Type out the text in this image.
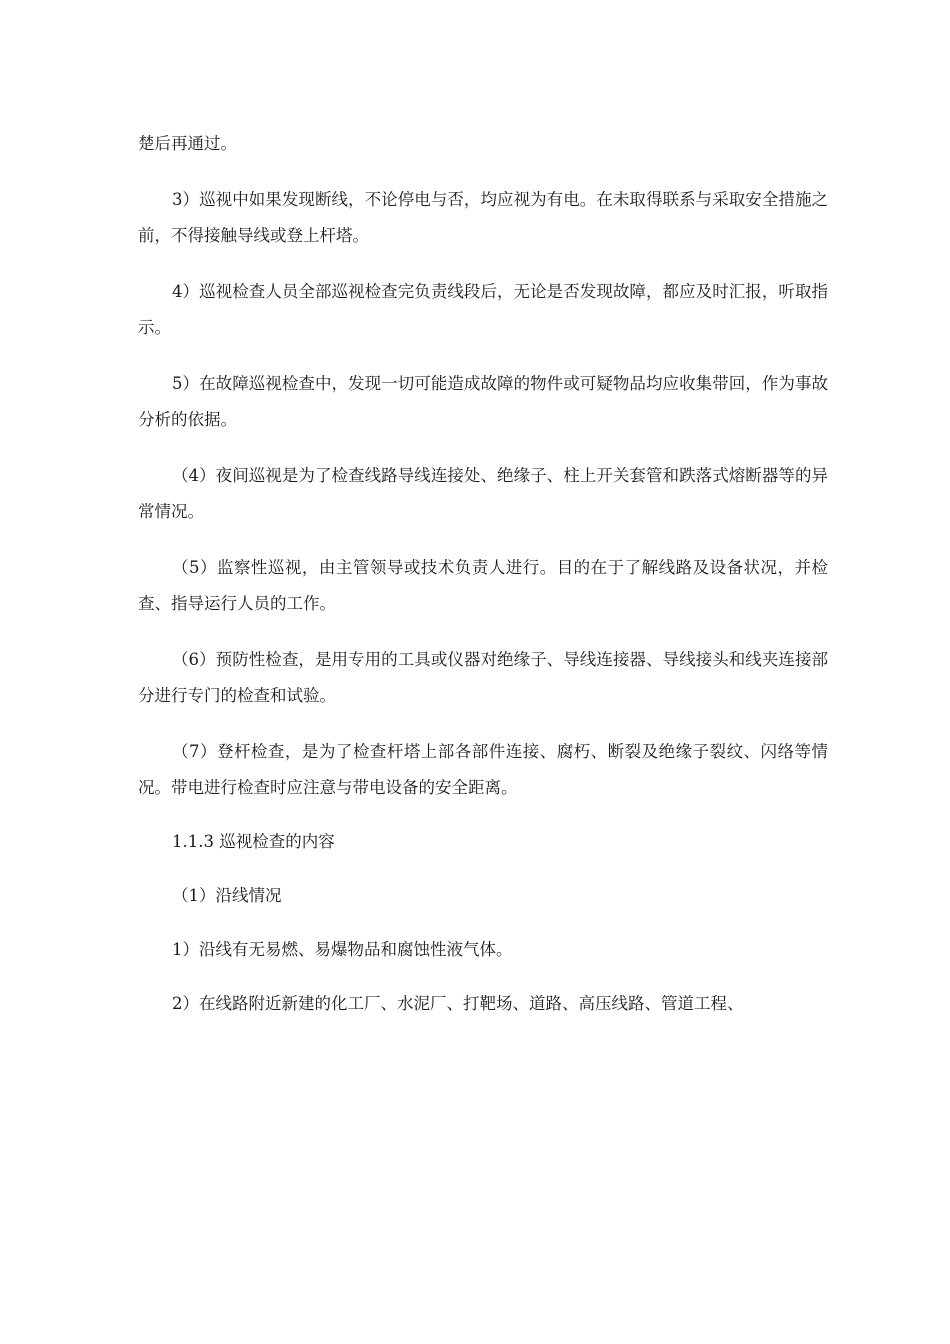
楚后再通过。

3）巡视中如果发现断线，不论停电与否，均应视为有电。在未取得联系与采取安全措施之前，不得接触导线或登上杆塔。

4）巡视检查人员全部巡视检查完负责线段后，无论是否发现故障，都应及时汇报，听取指示。

5）在故障巡视检查中，发现一切可能造成故障的物件或可疑物品均应收集带回，作为事故分析的依据。

（4）夜间巡视是为了检查线路导线连接处、绝缘子、柱上开关套管和跌落式熔断器等的异常情况。

（5）监察性巡视，由主管领导或技术负责人进行。目的在于了解线路及设备状况，并检查、指导运行人员的工作。

（6）预防性检查，是用专用的工具或仪器对绝缘子、导线连接器、导线接头和线夹连接部分进行专门的检查和试验。

（7）登杆检查，是为了检查杆塔上部各部件连接、腐朽、断裂及绝缘子裂纹、闪络等情况。带电进行检查时应注意与带电设备的安全距离。

1.1.3 巡视检查的内容

（1）沿线情况

1）沿线有无易燃、易爆物品和腐蚀性液气体。

2）在线路附近新建的化工厂、水泥厂、打靶场、道路、高压线路、管道工程、
